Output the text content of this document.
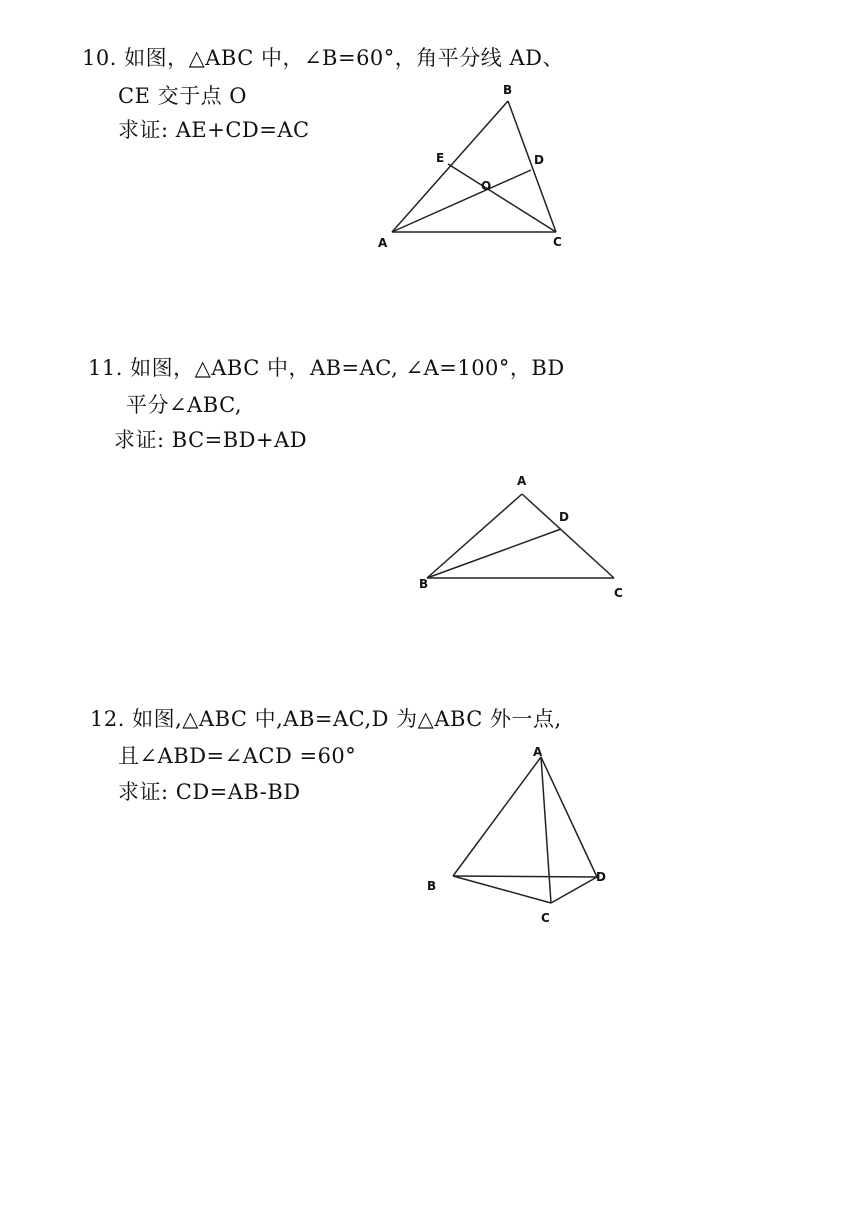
10. 如图，△ABC 中，∠B=60°，角平分线 AD、
CE 交于点 O
求证: AE+CD=AC
A
B
C
D
E
O
11. 如图，△ABC 中，AB=AC, ∠A=100°，BD
平分∠ABC,
求证: BC=BD+AD
A
B
C
D
12. 如图,△ABC 中,AB=AC,D 为△ABC 外一点,
且∠ABD=∠ACD =60°
求证: CD=AB-BD
A
B
C
D
